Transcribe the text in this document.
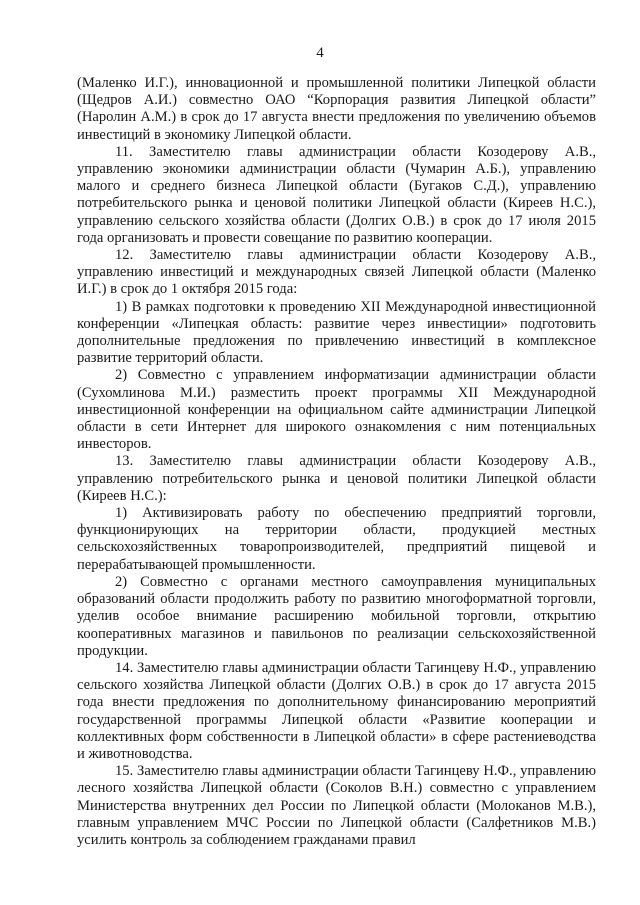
4

(Маленко И.Г.), инновационной и промышленной политики Липецкой области (Щедров А.И.) совместно ОАО “Корпорация развития Липецкой области” (Наролин А.М.) в срок до 17 августа внести предложения по увеличению объемов инвестиций в экономику Липецкой области.

11. Заместителю главы администрации области Козодерову А.В., управлению экономики администрации области (Чумарин А.Б.), управлению малого и среднего бизнеса Липецкой области (Бугаков С.Д.), управлению потребительского рынка и ценовой политики Липецкой области (Киреев Н.С.), управлению сельского хозяйства области (Долгих О.В.) в срок до 17 июля 2015 года организовать и провести совещание по развитию кооперации.

12. Заместителю главы администрации области Козодерову А.В., управлению инвестиций и международных связей Липецкой области (Маленко И.Г.) в срок до 1 октября 2015 года:

1) В рамках подготовки к проведению XII Международной инвестиционной конференции «Липецкая область: развитие через инвестиции» подготовить дополнительные предложения по привлечению инвестиций в комплексное развитие территорий области.

2) Совместно с управлением информатизации администрации области (Сухомлинова М.И.) разместить проект программы XII Международной инвестиционной конференции на официальном сайте администрации Липецкой области в сети Интернет для широкого ознакомления с ним потенциальных инвесторов.

13. Заместителю главы администрации области Козодерову А.В., управлению потребительского рынка и ценовой политики Липецкой области (Киреев Н.С.):

1) Активизировать работу по обеспечению предприятий торговли, функционирующих на территории области, продукцией местных сельскохозяйственных товаропроизводителей, предприятий пищевой и перерабатывающей промышленности.

2) Совместно с органами местного самоуправления муниципальных образований области продолжить работу по развитию многоформатной торговли, уделив особое внимание расширению мобильной торговли, открытию кооперативных магазинов и павильонов по реализации сельскохозяйственной продукции.

14. Заместителю главы администрации области Тагинцеву Н.Ф., управлению сельского хозяйства Липецкой области (Долгих О.В.) в срок до 17 августа 2015 года внести предложения по дополнительному финансированию мероприятий государственной программы Липецкой области «Развитие кооперации и коллективных форм собственности в Липецкой области» в сфере растениеводства и животноводства.

15. Заместителю главы администрации области Тагинцеву Н.Ф., управлению лесного хозяйства Липецкой области (Соколов В.Н.) совместно с управлением Министерства внутренних дел России по Липецкой области (Молоканов М.В.), главным управлением МЧС России по Липецкой области (Салфетников М.В.) усилить контроль за соблюдением гражданами правил
